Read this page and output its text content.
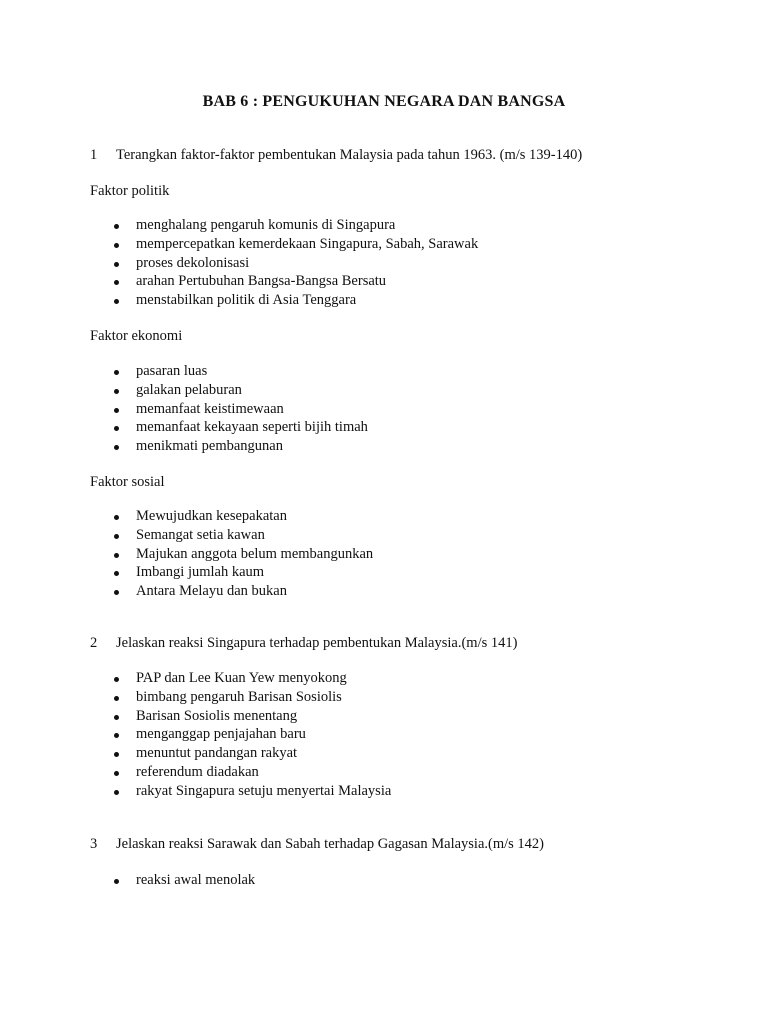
BAB 6 : PENGUKUHAN NEGARA DAN BANGSA
1 Terangkan faktor-faktor pembentukan Malaysia pada tahun 1963. (m/s 139-140)
Faktor politik
menghalang pengaruh komunis di Singapura
mempercepatkan kemerdekaan Singapura, Sabah, Sarawak
proses dekolonisasi
arahan Pertubuhan Bangsa-Bangsa Bersatu
menstabilkan politik di Asia Tenggara
Faktor ekonomi
pasaran luas
galakan pelaburan
memanfaat keistimewaan
memanfaat kekayaan seperti bijih timah
menikmati pembangunan
Faktor sosial
Mewujudkan kesepakatan
Semangat setia kawan
Majukan anggota belum membangunkan
Imbangi jumlah kaum
Antara Melayu dan bukan
2 Jelaskan reaksi Singapura terhadap pembentukan Malaysia.(m/s 141)
PAP dan Lee Kuan Yew menyokong
bimbang pengaruh Barisan Sosiolis
Barisan Sosiolis menentang
menganggap penjajahan baru
menuntut pandangan rakyat
referendum diadakan
rakyat Singapura setuju menyertai Malaysia
3 Jelaskan reaksi Sarawak dan Sabah terhadap Gagasan Malaysia.(m/s 142)
reaksi awal menolak
